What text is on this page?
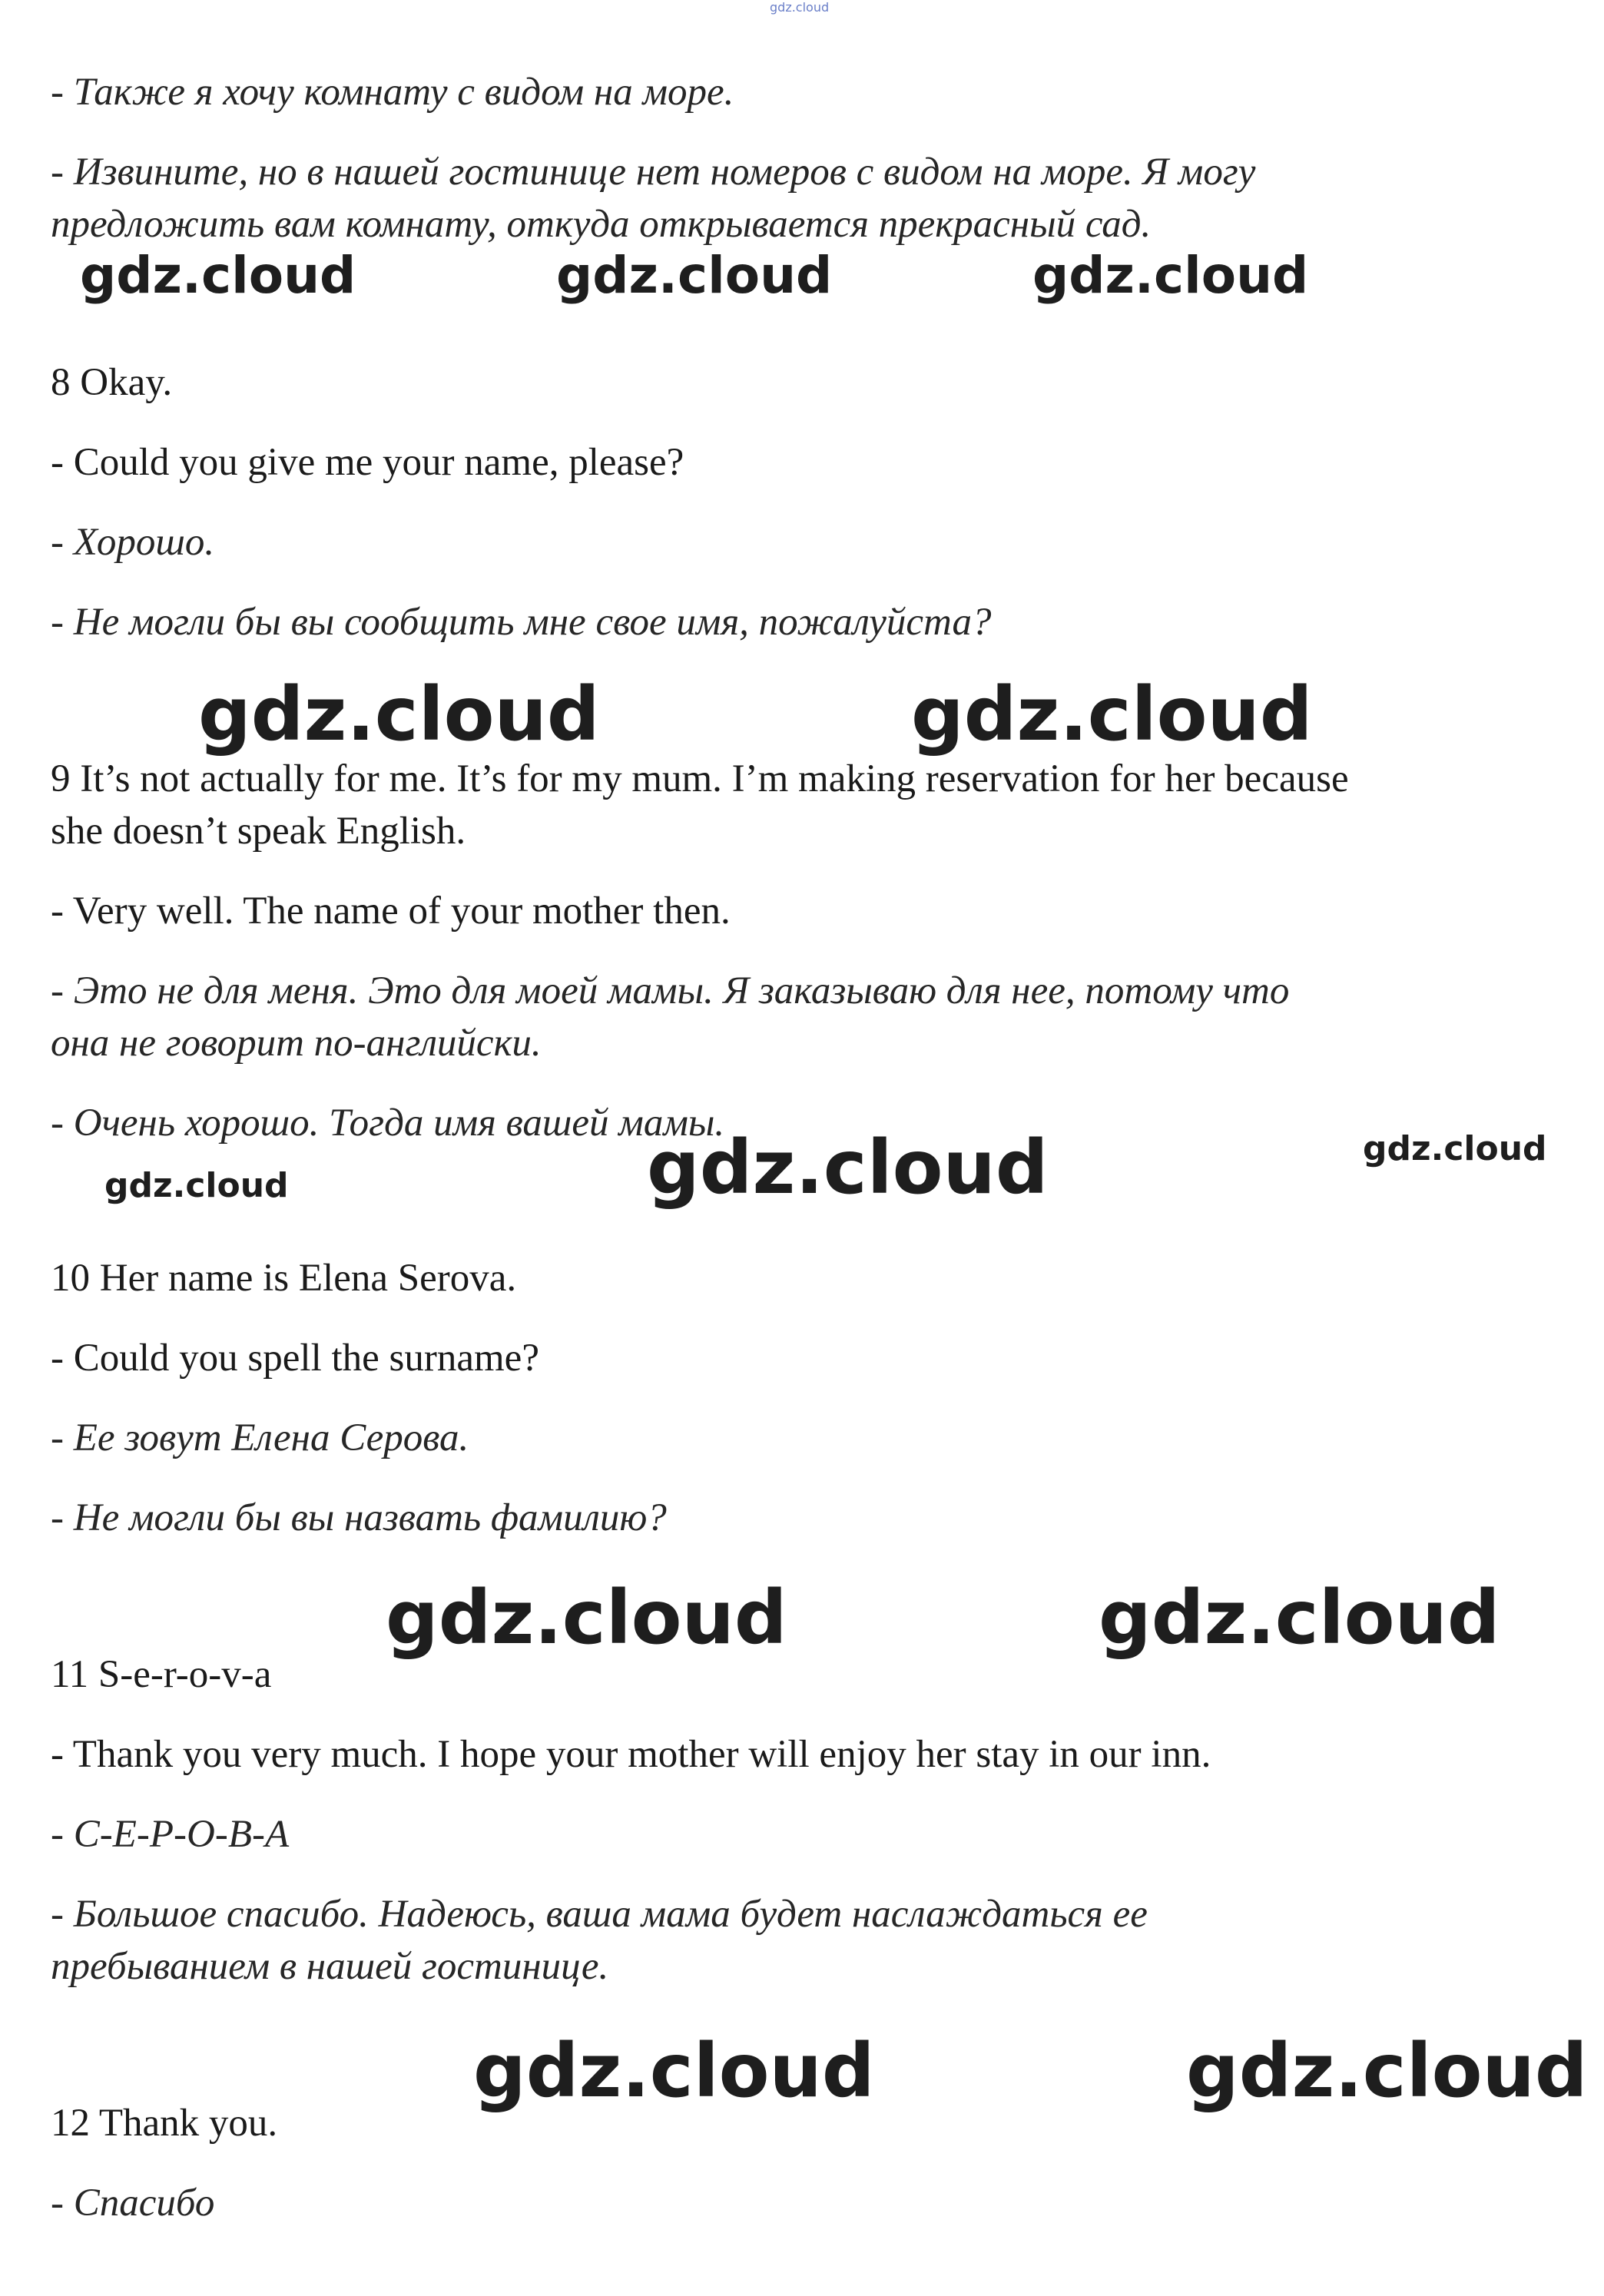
gdz.cloud

- Также я хочу комнату с видом на море.

- Извините, но в нашей гостинице нет номеров с видом на море. Я могу

предложить вам комнату, откуда открывается прекрасный сад.

gdz.cloud	gdz.cloud	gdz.cloud

8 Okay.

- Could you give me your name, please?

- Хорошо.

- Не могли бы вы сообщить мне свое имя, пожалуйста?

gdz.cloud	gdz.cloud

9 It’s not actually for me. It’s for my mum. I’m making reservation for her because

she doesn’t speak English.

- Very well. The name of your mother then.

- Это не для меня. Это для моей мамы. Я заказываю для нее, потому что

она не говорит по-английски.

- Очень хорошо. Тогда имя вашей мамы.

gdz.cloud	gdz.cloud	gdz.cloud

10 Her name is Elena Serova.

- Could you spell the surname?

- Ее зовут Елена Серова.

- Не могли бы вы назвать фамилию?

gdz.cloud	gdz.cloud

11 S-e-r-o-v-a

- Thank you very much. I hope your mother will enjoy her stay in our inn.

- С-Е-Р-О-В-А

- Большое спасибо. Надеюсь, ваша мама будет наслаждаться ее

пребыванием в нашей гостинице.

gdz.cloud	gdz.cloud

12 Thank you.

- Спасибо
